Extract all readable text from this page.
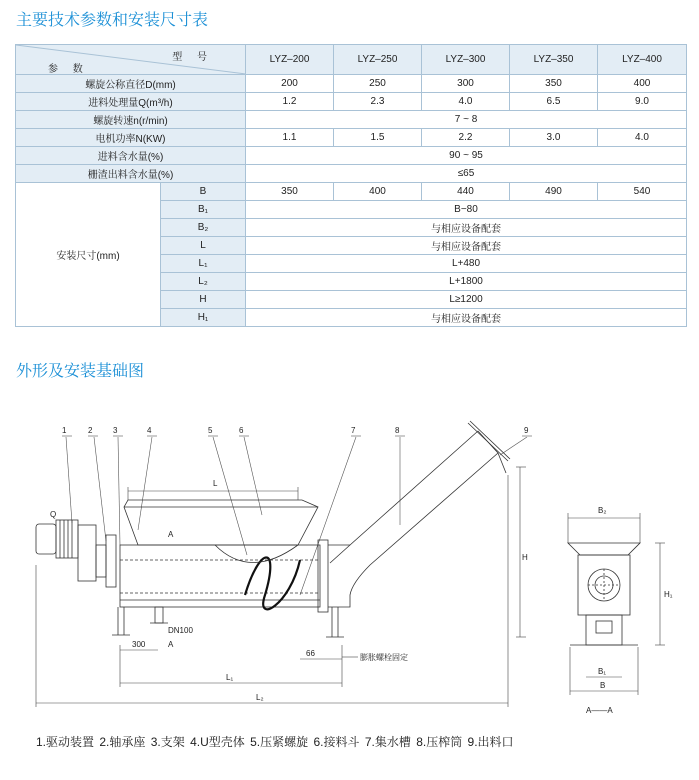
主要技术参数和安装尺寸表
型 号
参 数		LYZ–200	LYZ–250	LYZ–300	LYZ–350	LYZ–400
螺旋公称直径D(mm)		200	250	300	350	400
进料处理量Q(m³/h)		1.2	2.3	4.0	6.5	9.0
螺旋转速n(r/min)		7 ~ 8				
电机功率N(KW)		1.1	1.5	2.2	3.0	4.0
进料含水量(%)		90 ~ 95				
栅渣出料含水量(%)		≤65				
安装尺寸(mm)	B	350	400	440	490	540
	B₁	B−80				
	B₂	与相应设备配套				
	L	与相应设备配套				
	L₁	L+480				
	L₂	L+1800				
	H	L≥1200				
	H₁	与相应设备配套				
外形及安装基础图
1	2	3	4	5	6	7	8	9
Q
A
A
L
DN100
300
L₁
L₂
66	膨胀螺栓固定
H
B₂
B₁
B
H₁
A——A
1.驱动装置 2.轴承座 3.支架 4.U型壳体 5.压紧螺旋 6.接料斗 7.集水槽 8.压榨筒 9.出料口
